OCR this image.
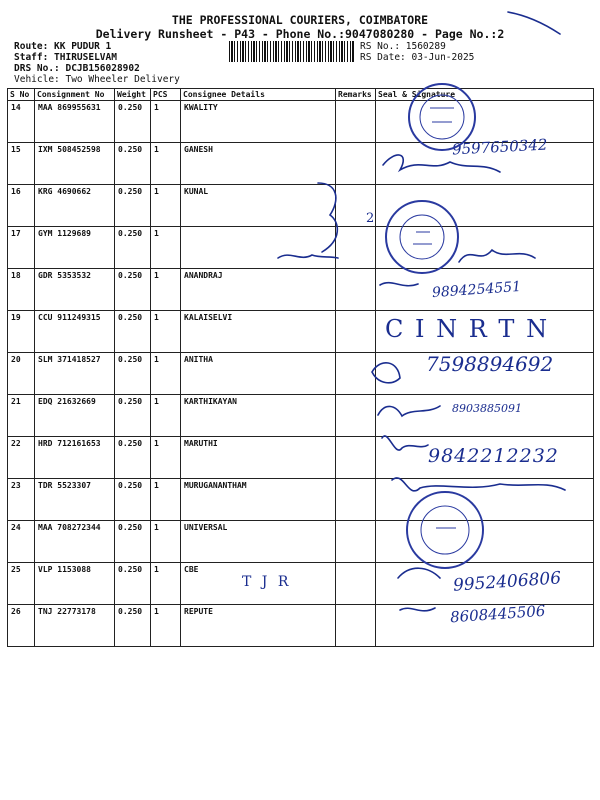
THE PROFESSIONAL COURIERS, COIMBATORE
Delivery Runsheet - P43 - Phone No.:9047080280 - Page No.:2
Route: KK PUDUR 1
Staff: THIRUSELVAM
DRS No.: DCJB156028902
Vehicle: Two Wheeler Delivery
RS No.: 1560289
RS Date: 03-Jun-2025
S No	Consignment No	Weight	PCS	Consignee Details	Remarks	Seal & Signature
14	MAA 869955631	0.250	1	KWALITY		
15	IXM 508452598	0.250	1	GANESH		
16	KRG 4690662	0.250	1	KUNAL		
17	GYM 1129689	0.250	1			
18	GDR 5353532	0.250	1	ANANDRAJ		
19	CCU 911249315	0.250	1	KALAISELVI		
20	SLM 371418527	0.250	1	ANITHA		
21	EDQ 21632669	0.250	1	KARTHIKAYAN		
22	HRD 712161653	0.250	1	MARUTHI		
23	TDR 5523307	0.250	1	MURUGANANTHAM		
24	MAA 708272344	0.250	1	UNIVERSAL		
25	VLP 1153088	0.250	1	CBE		
26	TNJ 22773178	0.250	1	REPUTE		
9597650342
9894254551
C I N R T N
7598894692
8903885091
9842212232
9952406806
8608445506
T J R
2
